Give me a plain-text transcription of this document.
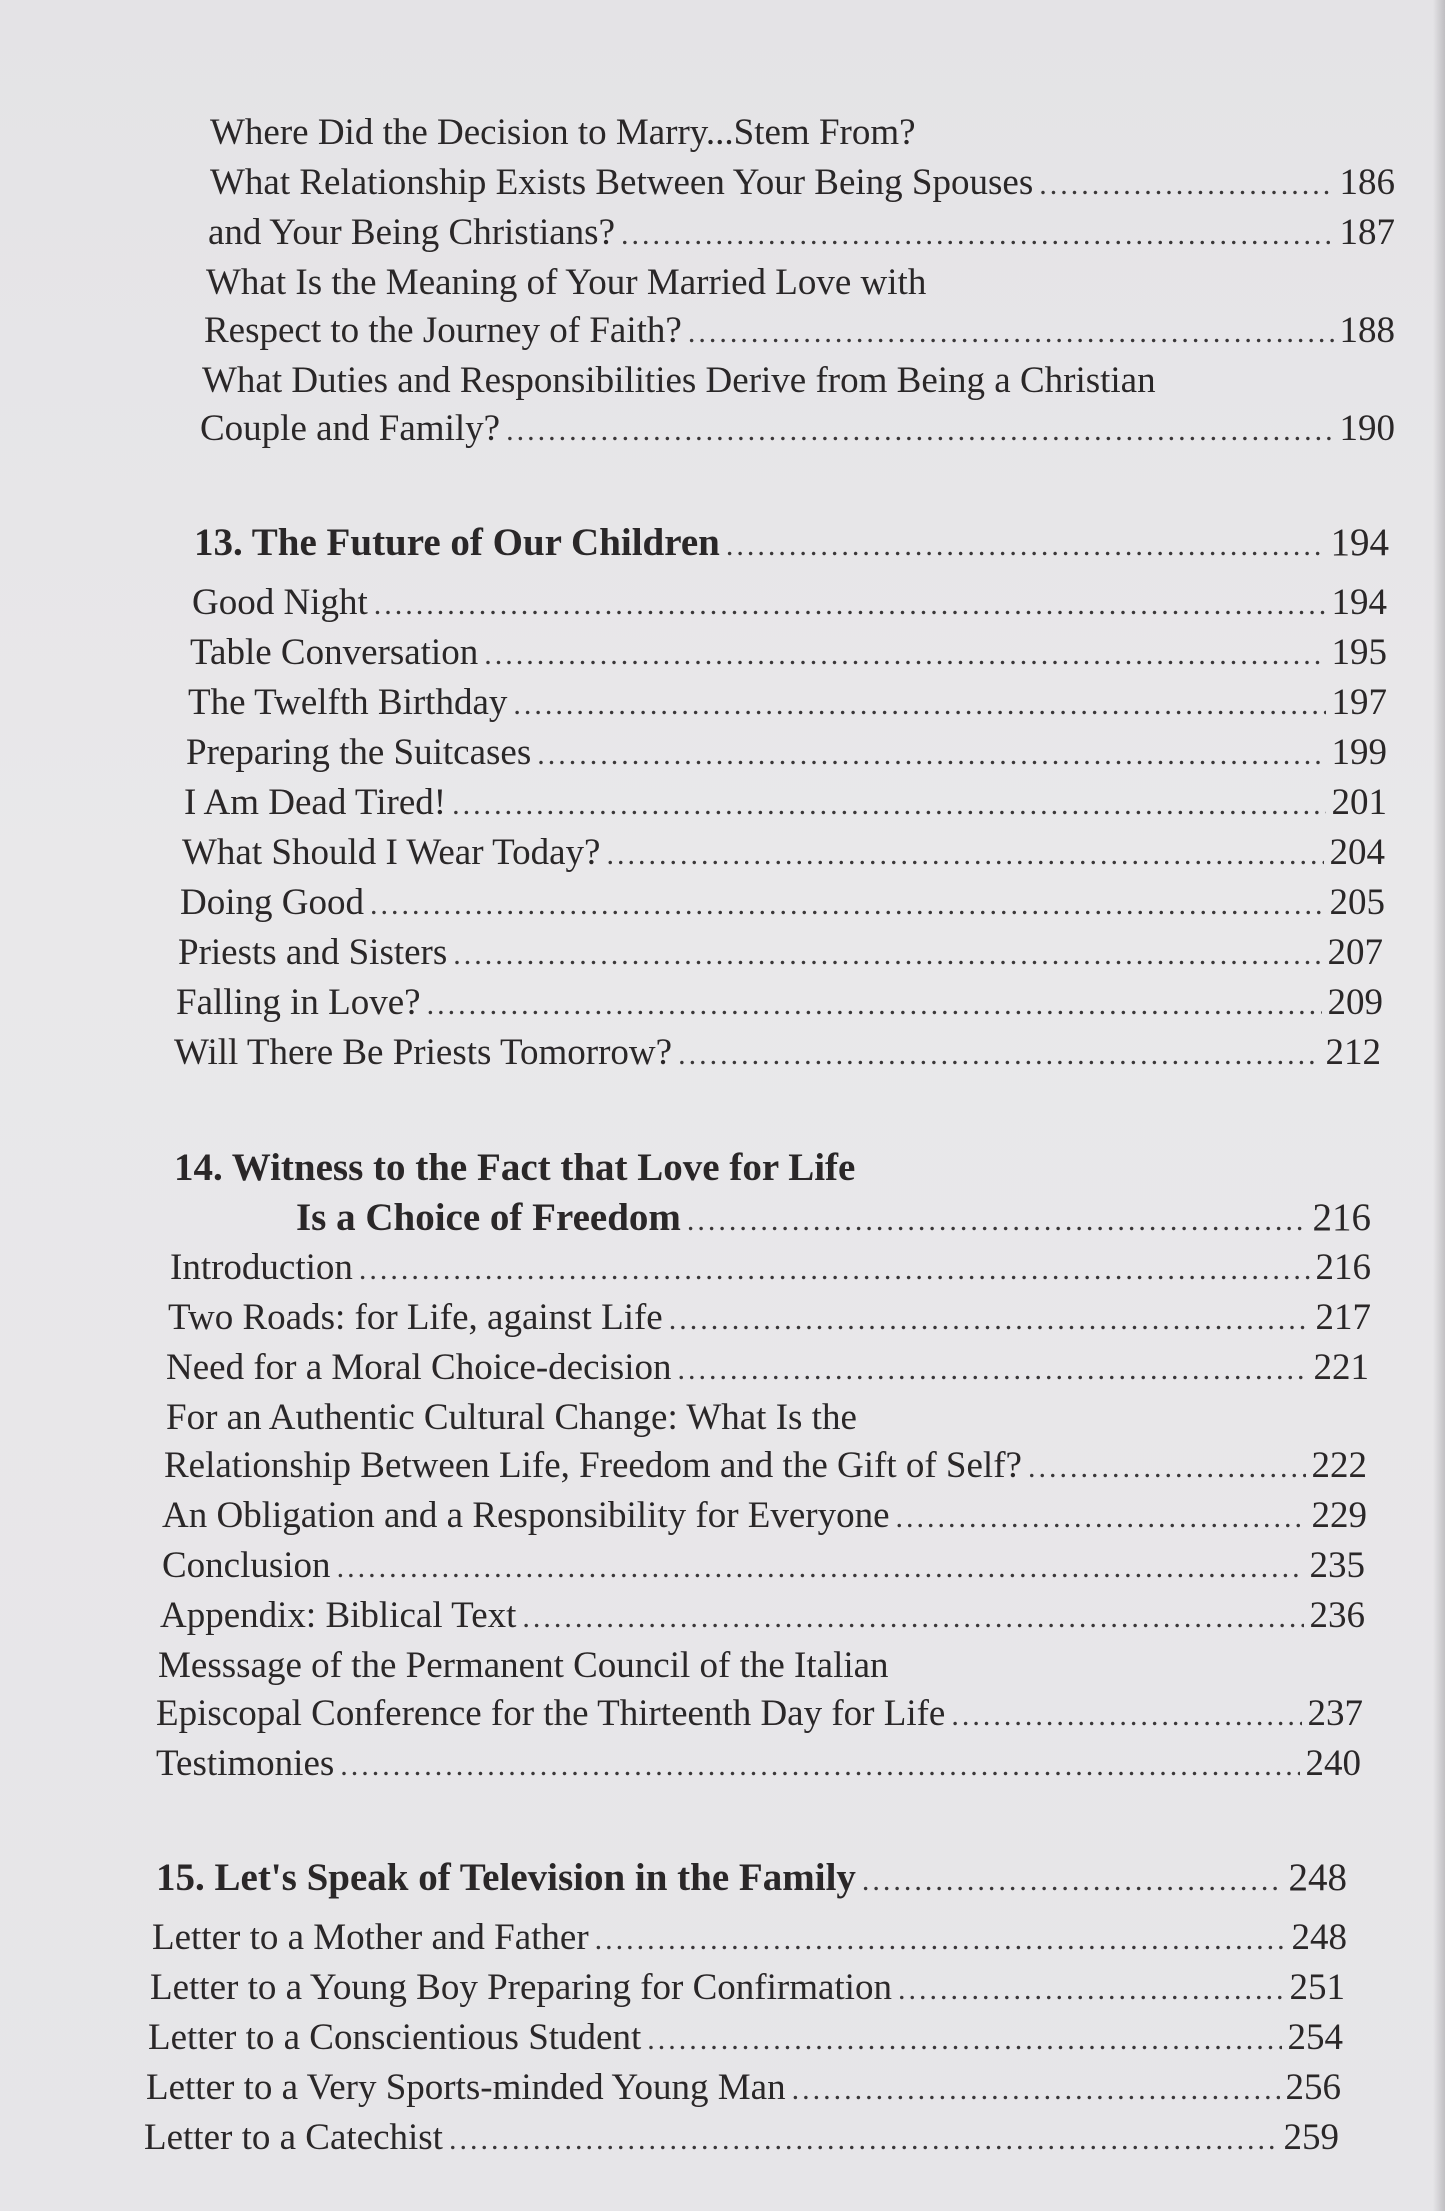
Where Did the Decision to Marry...Stem From?
What Relationship Exists Between Your Being Spouses .....	186
and Your Being Christians? .....	187
What Is the Meaning of Your Married Love with
Respect to the Journey of Faith? .....	188
What Duties and Responsibilities Derive from Being a Christian
Couple and Family? .....	190
13. The Future of Our Children .....	194
Good Night .....	194
Table Conversation .....	195
The Twelfth Birthday .....	197
Preparing the Suitcases .....	199
I Am Dead Tired! .....	201
What Should I Wear Today? .....	204
Doing Good .....	205
Priests and Sisters .....	207
Falling in Love? .....	209
Will There Be Priests Tomorrow? .....	212
14. Witness to the Fact that Love for Life
Is a Choice of Freedom .....	216
Introduction .....	216
Two Roads: for Life, against Life .....	217
Need for a Moral Choice-decision .....	221
For an Authentic Cultural Change: What Is the
Relationship Between Life, Freedom and the Gift of Self? .....	222
An Obligation and a Responsibility for Everyone .....	229
Conclusion .....	235
Appendix: Biblical Text .....	236
Messsage of the Permanent Council of the Italian
Episcopal Conference for the Thirteenth Day for Life .....	237
Testimonies .....	240
15. Let's Speak of Television in the Family .....	248
Letter to a Mother and Father .....	248
Letter to a Young Boy Preparing for Confirmation .....	251
Letter to a Conscientious Student .....	254
Letter to a Very Sports-minded Young Man .....	256
Letter to a Catechist .....	259
